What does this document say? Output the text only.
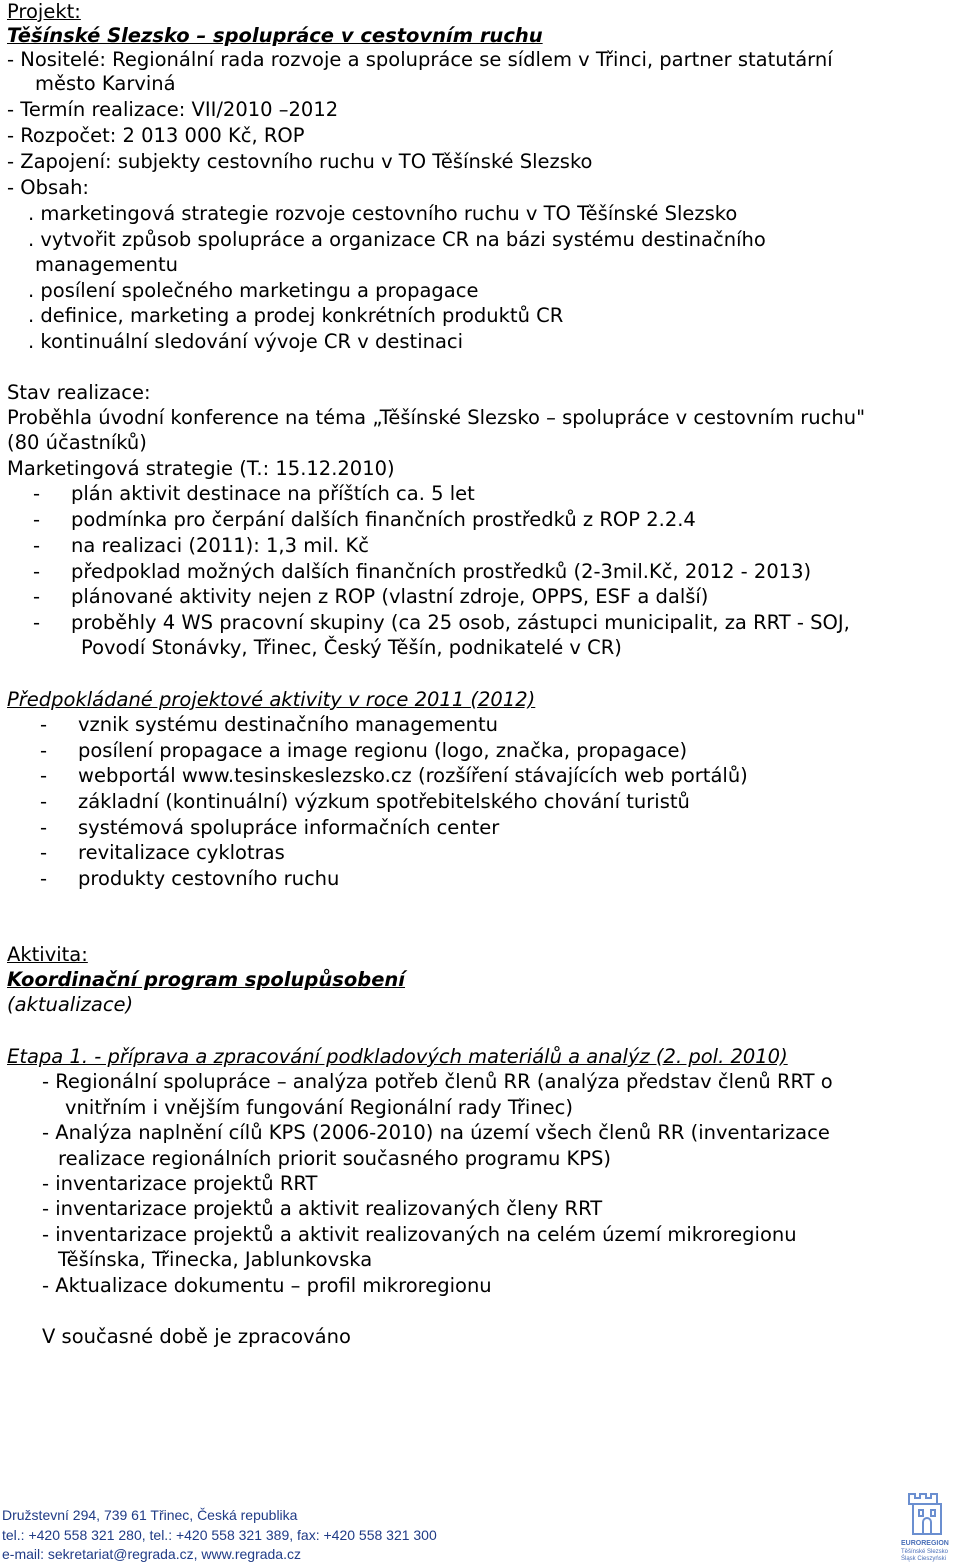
Projekt:
Těšínské Slezsko – spolupráce v cestovním ruchu
- Nositelé: Regionální rada rozvoje a spolupráce se sídlem v Třinci, partner statutární
město Karviná
- Termín realizace: VII/2010 –2012
- Rozpočet: 2 013 000 Kč, ROP
- Zapojení: subjekty cestovního ruchu v TO Těšínské Slezsko
- Obsah:
. marketingová strategie rozvoje cestovního ruchu v TO Těšínské Slezsko
. vytvořit způsob spolupráce a organizace CR na bázi systému destinačního
managementu
. posílení společného marketingu a propagace
. definice, marketing a prodej konkrétních produktů CR
. kontinuální sledování vývoje CR v destinaci
Stav realizace:
Proběhla úvodní konference na téma „Těšínské Slezsko – spolupráce v cestovním ruchu"
(80 účastníků)
Marketingová strategie (T.: 15.12.2010)
- plán aktivit destinace na příštích ca. 5 let
- podmínka pro čerpání dalších finančních prostředků z ROP 2.2.4
- na realizaci (2011): 1,3 mil. Kč
- předpoklad možných dalších finančních prostředků (2-3mil.Kč, 2012 - 2013)
- plánované aktivity nejen z ROP (vlastní zdroje, OPPS, ESF a další)
- proběhly 4 WS pracovní skupiny (ca 25 osob, zástupci municipalit, za RRT - SOJ,
Povodí Stonávky, Třinec, Český Těšín, podnikatelé v CR)
Předpokládané projektové aktivity v roce 2011 (2012)
- vznik systému destinačního managementu
- posílení propagace a image regionu (logo, značka, propagace)
- webportál www.tesinskeslezsko.cz (rozšíření stávajících web portálů)
- základní (kontinuální) výzkum spotřebitelského chování turistů
- systémová spolupráce informačních center
- revitalizace cyklotras
- produkty cestovního ruchu
Aktivita:
Koordinační program spolupůsobení
(aktualizace)
Etapa 1. - příprava a zpracování podkladových materiálů a analýz (2. pol. 2010)
- Regionální spolupráce – analýza potřeb členů RR (analýza představ členů RRT o
vnitřním i vnějším fungování Regionální rady Třinec)
- Analýza naplnění cílů KPS (2006-2010) na území všech členů RR (inventarizace
realizace regionálních priorit současného programu KPS)
- inventarizace projektů RRT
- inventarizace projektů a aktivit realizovaných členy RRT
- inventarizace projektů a aktivit realizovaných na celém území mikroregionu
Těšínska, Třinecka, Jablunkovska
- Aktualizace dokumentu – profil mikroregionu
V současné době je zpracováno
Družstevní 294, 739 61 Třinec, Česká republika
tel.: +420 558 321 280, tel.: +420 558 321 389, fax: +420 558 321 300
e-mail: sekretariat@regrada.cz, www.regrada.cz
EUROREGION
Těšínské Slezsko
Śląsk Cieszyński
